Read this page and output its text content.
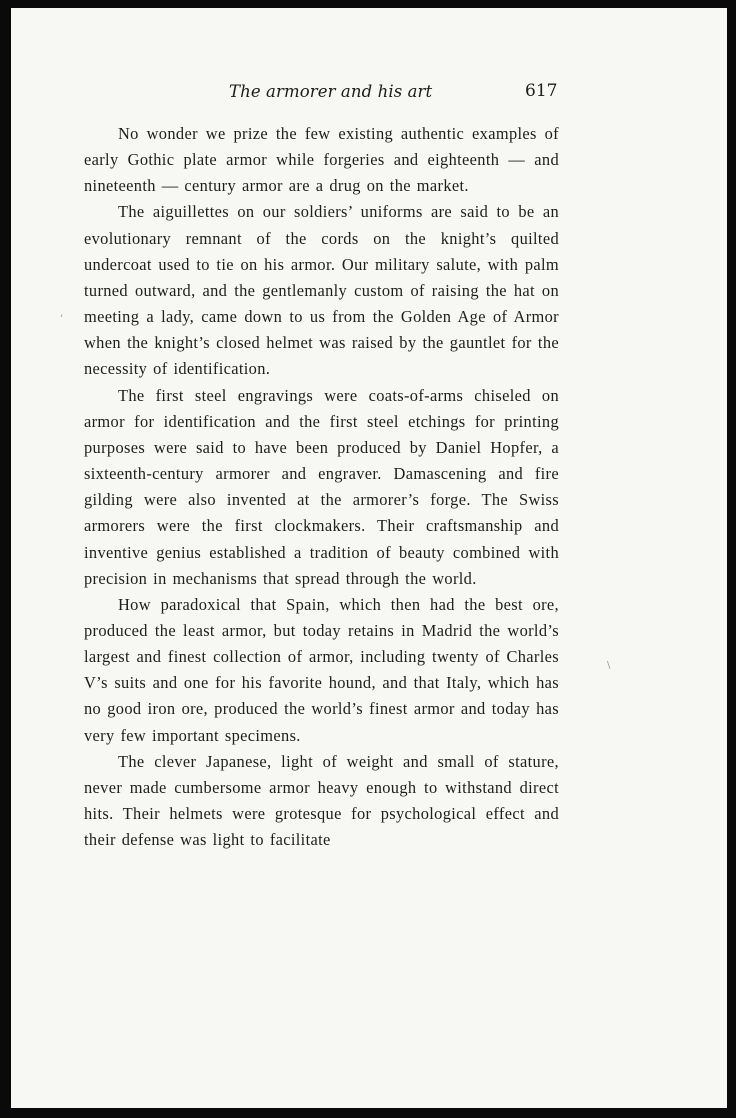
The armorer and his art	617

No wonder we prize the few existing authentic examples of early Gothic plate armor while forgeries and eighteenth — and nineteenth — century armor are a drug on the market.

The aiguillettes on our soldiers’ uniforms are said to be an evolutionary remnant of the cords on the knight’s quilted undercoat used to tie on his armor. Our military salute, with palm turned outward, and the gentlemanly custom of raising the hat on meeting a lady, came down to us from the Golden Age of Armor when the knight’s closed helmet was raised by the gauntlet for the necessity of identification.

The first steel engravings were coats-of-arms chiseled on armor for identification and the first steel etchings for printing purposes were said to have been produced by Daniel Hopfer, a sixteenth-century armorer and engraver. Damascening and fire gilding were also invented at the armorer’s forge. The Swiss armorers were the first clockmakers. Their craftsmanship and inventive genius established a tradition of beauty combined with precision in mechanisms that spread through the world.

How paradoxical that Spain, which then had the best ore, produced the least armor, but today retains in Madrid the world’s largest and finest collection of armor, including twenty of Charles V’s suits and one for his favorite hound, and that Italy, which has no good iron ore, produced the world’s finest armor and today has very few important specimens.

The clever Japanese, light of weight and small of stature, never made cumbersome armor heavy enough to withstand direct hits. Their helmets were grotesque for psychological effect and their defense was light to facilitate

,
\
